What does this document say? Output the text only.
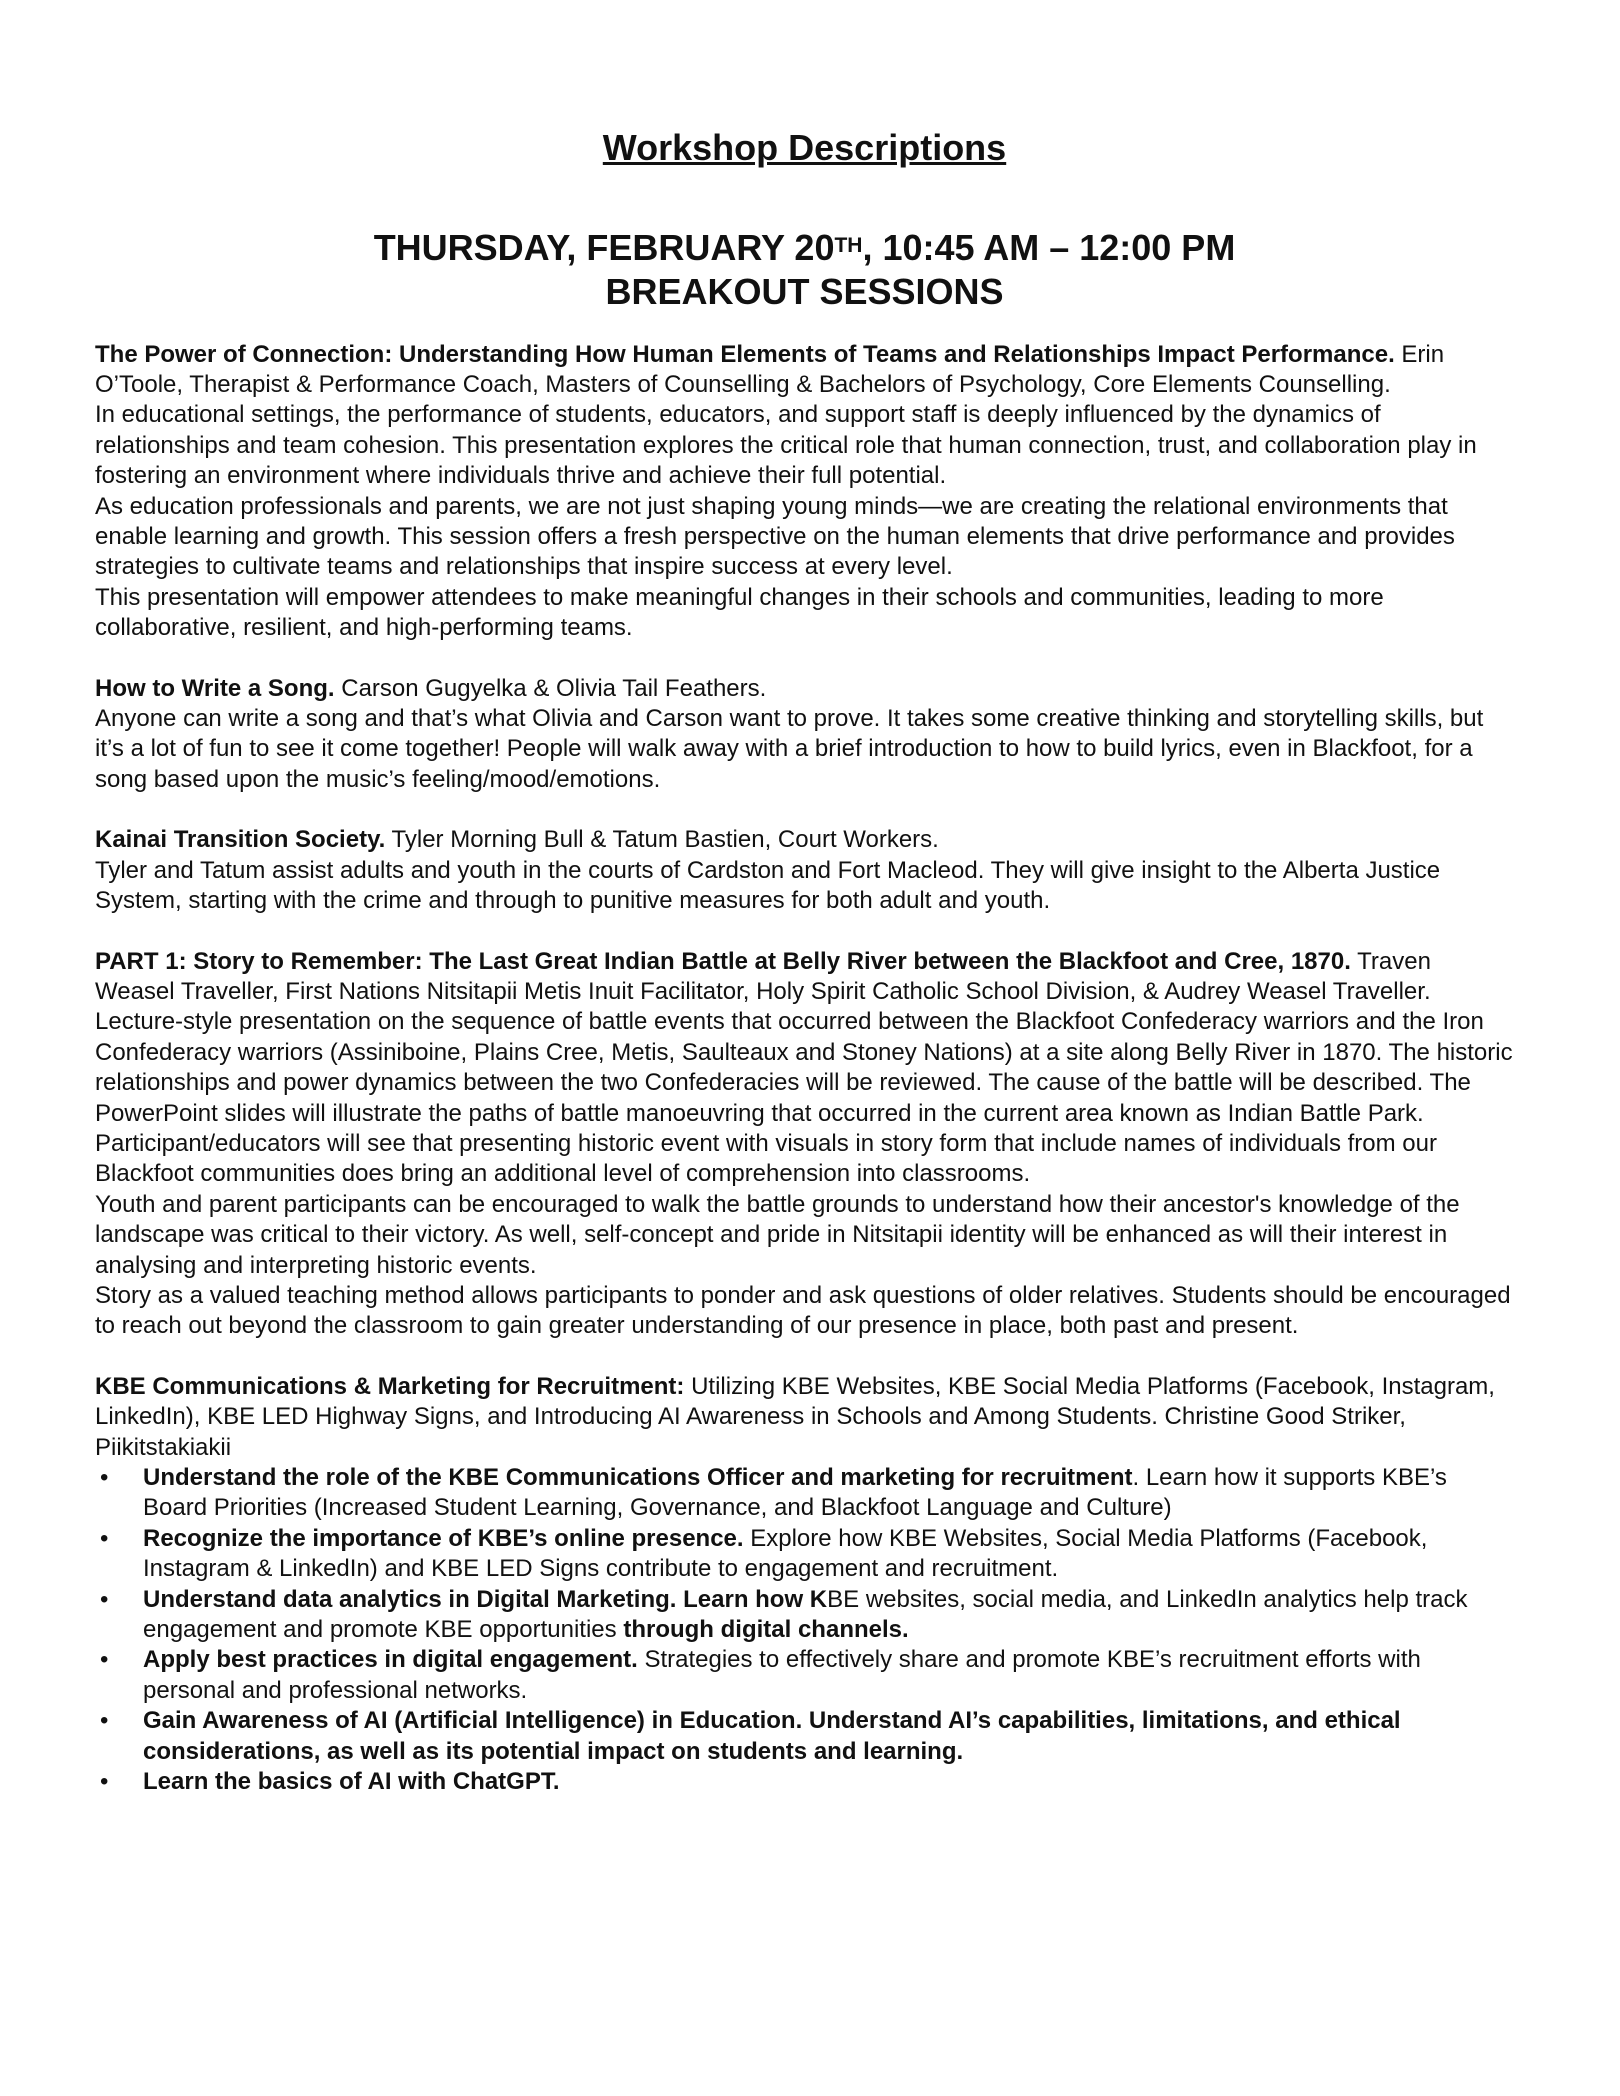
Workshop Descriptions

THURSDAY, FEBRUARY 20TH, 10:45 AM – 12:00 PM

BREAKOUT SESSIONS

The Power of Connection: Understanding How Human Elements of Teams and Relationships Impact Performance. Erin O’Toole, Therapist & Performance Coach, Masters of Counselling & Bachelors of Psychology, Core Elements Counselling.

In educational settings, the performance of students, educators, and support staff is deeply influenced by the dynamics of relationships and team cohesion. This presentation explores the critical role that human connection, trust, and collaboration play in fostering an environment where individuals thrive and achieve their full potential.

As education professionals and parents, we are not just shaping young minds—we are creating the relational environments that enable learning and growth. This session offers a fresh perspective on the human elements that drive performance and provides strategies to cultivate teams and relationships that inspire success at every level.

This presentation will empower attendees to make meaningful changes in their schools and communities, leading to more collaborative, resilient, and high-performing teams.

How to Write a Song. Carson Gugyelka & Olivia Tail Feathers.

Anyone can write a song and that’s what Olivia and Carson want to prove. It takes some creative thinking and storytelling skills, but it’s a lot of fun to see it come together! People will walk away with a brief introduction to how to build lyrics, even in Blackfoot, for a song based upon the music’s feeling/mood/emotions.

Kainai Transition Society. Tyler Morning Bull & Tatum Bastien, Court Workers.

Tyler and Tatum assist adults and youth in the courts of Cardston and Fort Macleod. They will give insight to the Alberta Justice System, starting with the crime and through to punitive measures for both adult and youth.

PART 1: Story to Remember: The Last Great Indian Battle at Belly River between the Blackfoot and Cree, 1870. Traven Weasel Traveller, First Nations Nitsitapii Metis Inuit Facilitator, Holy Spirit Catholic School Division, & Audrey Weasel Traveller.

Lecture-style presentation on the sequence of battle events that occurred between the Blackfoot Confederacy warriors and the Iron Confederacy warriors (Assiniboine, Plains Cree, Metis, Saulteaux and Stoney Nations) at a site along Belly River in 1870. The historic relationships and power dynamics between the two Confederacies will be reviewed. The cause of the battle will be described. The PowerPoint slides will illustrate the paths of battle manoeuvring that occurred in the current area known as Indian Battle Park.

Participant/educators will see that presenting historic event with visuals in story form that include names of individuals from our Blackfoot communities does bring an additional level of comprehension into classrooms.

Youth and parent participants can be encouraged to walk the battle grounds to understand how their ancestor's knowledge of the landscape was critical to their victory. As well, self-concept and pride in Nitsitapii identity will be enhanced as will their interest in analysing and interpreting historic events.

Story as a valued teaching method allows participants to ponder and ask questions of older relatives. Students should be encouraged to reach out beyond the classroom to gain greater understanding of our presence in place, both past and present.

KBE Communications & Marketing for Recruitment: Utilizing KBE Websites, KBE Social Media Platforms (Facebook, Instagram, LinkedIn), KBE LED Highway Signs, and Introducing AI Awareness in Schools and Among Students. Christine Good Striker, Piikitstakiakii

• Understand the role of the KBE Communications Officer and marketing for recruitment. Learn how it supports KBE’s Board Priorities (Increased Student Learning, Governance, and Blackfoot Language and Culture)
• Recognize the importance of KBE’s online presence. Explore how KBE Websites, Social Media Platforms (Facebook, Instagram & LinkedIn) and KBE LED Signs contribute to engagement and recruitment.
• Understand data analytics in Digital Marketing. Learn how KBE websites, social media, and LinkedIn analytics help track engagement and promote KBE opportunities through digital channels.
• Apply best practices in digital engagement. Strategies to effectively share and promote KBE’s recruitment efforts with personal and professional networks.
• Gain Awareness of AI (Artificial Intelligence) in Education. Understand AI’s capabilities, limitations, and ethical considerations, as well as its potential impact on students and learning.
• Learn the basics of AI with ChatGPT.
